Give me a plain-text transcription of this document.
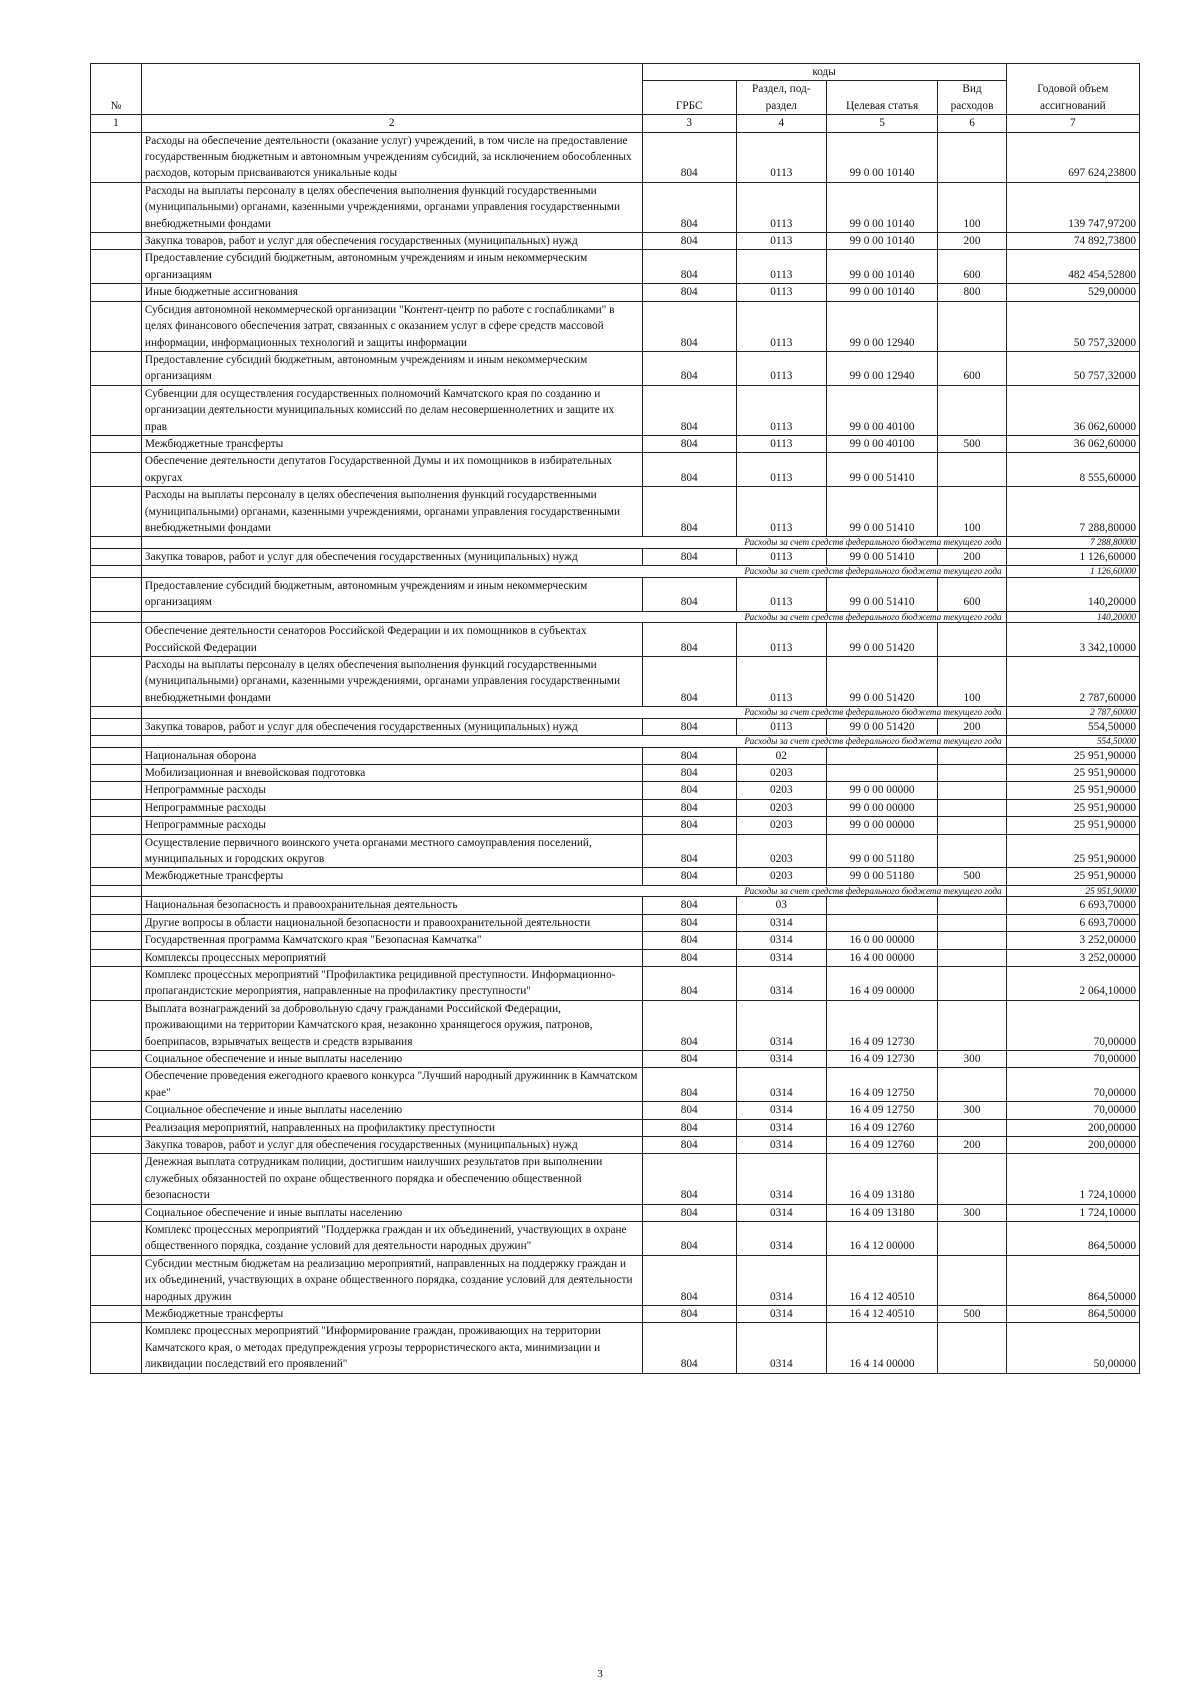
№		коды				Годовой объем ассигнований
		ГРБС	Раздел, под- раздел	Целевая статья	Вид расходов	
1	2	3	4	5	6	7
	Расходы на обеспечение деятельности (оказание услуг) учреждений, в том числе на предоставление государственным бюджетным и автономным учреждениям субсидий, за исключением обособленных расходов, которым присваиваются уникальные коды	804	0113	99 0 00 10140		697 624,23800
	Расходы на выплаты персоналу в целях обеспечения выполнения функций государственными (муниципальными) органами, казенными учреждениями, органами управления государственными внебюджетными фондами	804	0113	99 0 00 10140	100	139 747,97200
	Закупка товаров, работ и услуг для обеспечения государственных (муниципальных) нужд	804	0113	99 0 00 10140	200	74 892,73800
	Предоставление субсидий бюджетным, автономным учреждениям и иным некоммерческим организациям	804	0113	99 0 00 10140	600	482 454,52800
	Иные бюджетные ассигнования	804	0113	99 0 00 10140	800	529,00000
	Субсидия автономной некоммерческой организации "Контент-центр по работе с госпабликами" в целях финансового обеспечения затрат, связанных с оказанием услуг в сфере средств массовой информации, информационных технологий и защиты информации	804	0113	99 0 00 12940		50 757,32000
	Предоставление субсидий бюджетным, автономным учреждениям и иным некоммерческим организациям	804	0113	99 0 00 12940	600	50 757,32000
	Субвенции для осуществления государственных полномочий Камчатского края по созданию и организации деятельности муниципальных комиссий по делам несовершеннолетних и защите их прав	804	0113	99 0 00 40100		36 062,60000
	Межбюджетные трансферты	804	0113	99 0 00 40100	500	36 062,60000
	Обеспечение деятельности депутатов Государственной Думы и их помощников в избирательных округах	804	0113	99 0 00 51410		8 555,60000
	Расходы на выплаты персоналу в целях обеспечения выполнения функций государственными (муниципальными) органами, казенными учреждениями, органами управления государственными внебюджетными фондами	804	0113	99 0 00 51410	100	7 288,80000
	Расходы за счет средств федерального бюджета текущего года					7 288,80000
	Закупка товаров, работ и услуг для обеспечения государственных (муниципальных) нужд	804	0113	99 0 00 51410	200	1 126,60000
	Расходы за счет средств федерального бюджета текущего года					1 126,60000
	Предоставление субсидий бюджетным, автономным учреждениям и иным некоммерческим организациям	804	0113	99 0 00 51410	600	140,20000
	Расходы за счет средств федерального бюджета текущего года					140,20000
	Обеспечение деятельности сенаторов Российской Федерации и их помощников в субъектах Российской Федерации	804	0113	99 0 00 51420		3 342,10000
	Расходы на выплаты персоналу в целях обеспечения выполнения функций государственными (муниципальными) органами, казенными учреждениями, органами управления государственными внебюджетными фондами	804	0113	99 0 00 51420	100	2 787,60000
	Расходы за счет средств федерального бюджета текущего года					2 787,60000
	Закупка товаров, работ и услуг для обеспечения государственных (муниципальных) нужд	804	0113	99 0 00 51420	200	554,50000
	Расходы за счет средств федерального бюджета текущего года					554,50000
	Национальная оборона	804	02			25 951,90000
	Мобилизационная и вневойсковая подготовка	804	0203			25 951,90000
	Непрограммные расходы	804	0203	99 0 00 00000		25 951,90000
	Непрограммные расходы	804	0203	99 0 00 00000		25 951,90000
	Непрограммные расходы	804	0203	99 0 00 00000		25 951,90000
	Осуществление первичного воинского учета органами местного самоуправления поселений, муниципальных и городских округов	804	0203	99 0 00 51180		25 951,90000
	Межбюджетные трансферты	804	0203	99 0 00 51180	500	25 951,90000
	Расходы за счет средств федерального бюджета текущего года					25 951,90000
	Национальная безопасность и правоохранительная деятельность	804	03			6 693,70000
	Другие вопросы в области национальной безопасности и правоохранительной деятельности	804	0314			6 693,70000
	Государственная программа Камчатского края "Безопасная Камчатка"	804	0314	16 0 00 00000		3 252,00000
	Комплексы процессных мероприятий	804	0314	16 4 00 00000		3 252,00000
	Комплекс процессных мероприятий "Профилактика рецидивной преступности. Информационно-пропагандистские мероприятия, направленные на профилактику преступности"	804	0314	16 4 09 00000		2 064,10000
	Выплата вознаграждений за добровольную сдачу гражданами Российской Федерации, проживающими на территории Камчатского края, незаконно хранящегося оружия, патронов, боеприпасов, взрывчатых веществ и средств взрывания	804	0314	16 4 09 12730		70,00000
	Социальное обеспечение и иные выплаты населению	804	0314	16 4 09 12730	300	70,00000
	Обеспечение проведения ежегодного краевого конкурса "Лучший народный дружинник в Камчатском крае"	804	0314	16 4 09 12750		70,00000
	Социальное обеспечение и иные выплаты населению	804	0314	16 4 09 12750	300	70,00000
	Реализация мероприятий, направленных на профилактику преступности	804	0314	16 4 09 12760		200,00000
	Закупка товаров, работ и услуг для обеспечения государственных (муниципальных) нужд	804	0314	16 4 09 12760	200	200,00000
	Денежная выплата сотрудникам полиции, достигшим наилучших результатов при выполнении служебных обязанностей по охране общественного порядка и обеспечению общественной безопасности	804	0314	16 4 09 13180		1 724,10000
	Социальное обеспечение и иные выплаты населению	804	0314	16 4 09 13180	300	1 724,10000
	Комплекс процессных мероприятий "Поддержка граждан и их объединений, участвующих в охране общественного порядка, создание условий для деятельности народных дружин"	804	0314	16 4 12 00000		864,50000
	Субсидии местным бюджетам на реализацию мероприятий, направленных на поддержку граждан и их объединений, участвующих в охране общественного порядка, создание условий для деятельности народных дружин	804	0314	16 4 12 40510		864,50000
	Межбюджетные трансферты	804	0314	16 4 12 40510	500	864,50000
	Комплекс процессных мероприятий "Информирование граждан, проживающих на территории Камчатского края, о методах предупреждения угрозы террористического акта, минимизации и ликвидации последствий его проявлений"	804	0314	16 4 14 00000		50,00000
3
